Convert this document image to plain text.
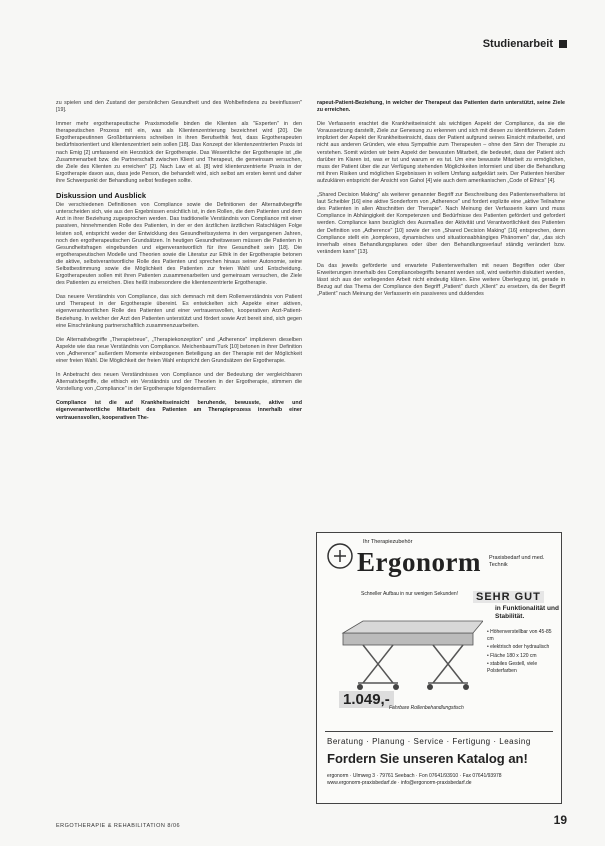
Studienarbeit

zu spielen und den Zustand der persönlichen Gesundheit und des Wohlbefindens zu beeinflussen" [19].

Immer mehr ergotherapeutische Praxismodelle binden die Klienten als "Experten" in den therapeutischen Prozess mit ein, was als Klientenzentrierung bezeichnet wird [20]. Die Ergotherapeutinnen Großbritanniens schreiben in ihren Berufsethik fest, dass Ergotherapeuten bedürfnisorientiert und klientenzentriert sein sollen [18]. Das Konzept der klientenzentrierten Praxis ist nach Emig [2] umfassend ein Herzstück der Ergotherapie. Das Wesentliche der Ergotherapie ist „die Zusammenarbeit bzw. die Partnerschaft zwischen Klient und Therapeut, die gemeinsam versuchen, die Ziele des Klienten zu erreichen" [2]. Nach Law et al. [8] wird klientenzentrierte Praxis in der Ergotherapie davon aus, dass jede Person, die behandelt wird, sich selbst am ersten kennt und daher ihre Schwerpunkt der Behandlung selbst festlegen sollte.

Diskussion und Ausblick

Die verschiedenen Definitionen von Compliance sowie die Definitionen der Alternativbegriffe unterscheiden sich, wie aus den Ergebnissen ersichtlich ist, in den Rollen, die dem Patienten und dem Arzt in ihrer Beziehung zugesprochen werden. Das traditionelle Verständnis von Compliance mit einer passiven, hinnehmenden Rolle des Patienten, in der er den ärztlichen ärztlichen Ratschlägen Folge leisten soll, entspricht weder der Entwicklung des Gesundheitssystems in den vergangenen Jahren, noch den ergotherapeutischen Grundsätzen. In heutigen Gesundheitswesen müssen die Patienten in Gesundheitsfragen eingebunden und eigenverantwortlich für ihre Gesundheit sein [18]. Die ergotherapeutischen Modelle und Theorien sowie die Literatur zur Ethik in der Ergotherapie betonen die aktive, selbstverantwortliche Rolle des Patienten und sprechen hinaus seiner Autonomie, seine Selbstbestimmung sowie die Möglichkeit des Patienten zur freien Wahl und Entscheidung. Ergotherapeuten sollen mit ihren Patienten zusammenarbeiten und gemeinsam versuchen, die Ziele des Patienten zu erreichen. Dies heißt insbesondere die klientenzentrierte Ergotherapie.

Das neuere Verständnis von Compliance, das sich demnach mit dem Rollenverständnis von Patient und Therapeut in der Ergotherapie übereint. Es entwickelten sich Aspekte einer aktiven, eigenverantwortlichen Rolle des Patienten und einer vertrauensvollen, kooperativen Arzt-Patient-Beziehung. In welcher der Arzt den Patienten unterstützt und fördert sowie Arzt bereit sind, sich gegen eine Einschränkung partnerschaftlich zusammenzuarbeiten.

Die Alternativbegriffe „Therapietreue", „Therapiekonzeption" und „Adherence" implizieren dieselben Aspekte wie das neue Verständnis von Compliance. Meichenbaum/Turk [10] betonen in ihrer Definition von „Adherence" außerdem Momente einbezogenen Beteiligung an der Therapie mit der Möglichkeit einer freien Wahl. Die Möglichkeit der freien Wahl entspricht den Grundsätzen der Ergotherapie.

In Anbetracht des neuen Verständnisses von Compliance und der Bedeutung der vergleichbaren Alternativbegriffe, die ethisch ein Verständnis und der Theorien in der Ergotherapie, stimmen die Vorstellung von „Compliance" in der Ergotherapie folgendermaßen:

Compliance ist die auf Krankheitseinsicht beruhende, bewusste, aktive und eigenverantwortliche Mitarbeit des Patienten am Therapieprozess innerhalb einer vertrauensvollen, kooperativen The-

rapeut-Patient-Beziehung, in welcher der Therapeut das Patienten darin unterstützt, seine Ziele zu erreichen.

Die Verfasserin erachtet die Krankheitseinsicht als wichtigen Aspekt der Compliance, da sie die Voraussetzung darstellt, Ziele zur Genesung zu erkennen und sich mit diesen zu identifizieren. Zudem impliziert der Aspekt der Krankheitseinsicht, dass der Patient aufgrund seines Einsicht mitarbeitet, und nicht aus anderen Gründen, wie etwa Sympathie zum Therapeuten – ohne den Sinn der Therapie zu verstehen. Somit würden wir beim Aspekt der bewussten Mitarbeit, die bedeutet, dass der Patient sich darüber im Klaren ist, was er tut und warum er es tut. Um eine bewusste Mitarbeit zu ermöglichen, muss der Patient über die zur Verfügung stehenden Möglichkeiten informiert und über die Behandlung mit ihren Risiken und möglichen Ergebnissen in vollem Umfang aufgeklärt sein. Der Patienten hierüber aufzuklären entspricht der Ansicht von Gahol [4] wie auch dem amerikanischen „Code of Ethics" [4].

„Shared Decision Making" als weiterer genannter Begriff zur Beschreibung des Patientenverhaltens ist laut Scheibler [16] eine aktive Sonderform von „Adherence" und fordert explizite eine „aktive Teilnahme des Patienten in allen Abschnitten der Therapie". Nach Meinung der Verfasserin kann und muss Compliance in Abhängigkeit der Kompetenzen und Bedürfnisse des Patienten gefördert und gefordert werden. Compliance kann bezüglich des Ausmaßes der Aktivität und Verantwortlichkeit des Patienten der Definition von „Adherence" [10] sowie der von „Shared Decision Making" [16] entsprechen, denn Compliance stellt ein „komplexes, dynamisches und situationsabhängiges Phänomen" dar, „das sich innerhalb eines Behandlungsplanes oder über den Behandlungsverlauf ständig verändert bzw. verändern kann" [13].

Da das jeweils geförderte und erwartete Patientenverhalten mit neuen Begriffen oder über Erweiterungen innerhalb des Compliancebegriffs benannt werden soll, wird weiterhin diskutiert werden, lässt sich aus der vorliegenden Arbeit nicht eindeutig klären. Eine weitere Überlegung ist, gerade in Bezug auf das Thema der Compliance den Begriff „Patient" durch „Klient" zu ersetzen, da der Begriff „Patient" nach Meinung der Verfasserin ein passiveres und duldendes

Ihr Therapiezubehör
Ergonorm Praxisbedarf und med. Technik
Schneller Aufbau in nur wenigen Sekunden! SEHR GUT
in Funktionalität und Stabilität.
1.049,- Fahrbare Rollenbehandlungstisch
• Höhenverstellbar von 45-85 cm
• elektrisch oder hydraulisch
• Fläche 180 x 120 cm
• stabiles Gestell, viele Polsterfarben
Beratung · Planung · Service · Fertigung · Leasing
Fordern Sie unseren Katalog an!
ergonorm · Ulmweg 3 · 79761 Seebach · Fon 07641/93910 · Fax 07641/93978
www.ergonorm-praxisbedarf.de · info@ergonorm-praxisbedarf.de
ERGOTHERAPIE & REHABILITATION 8/06	19
